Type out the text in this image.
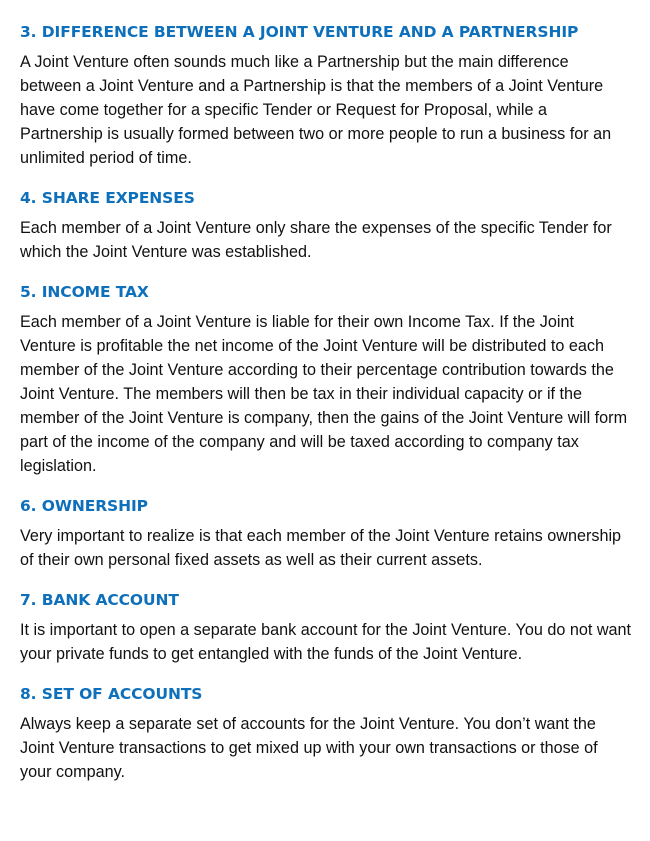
3. DIFFERENCE BETWEEN A JOINT VENTURE AND A PARTNERSHIP

A Joint Venture often sounds much like a Partnership but the main difference between a Joint Venture and a Partnership is that the members of a Joint Venture have come together for a specific Tender or Request for Proposal, while a Partnership is usually formed between two or more people to run a business for an unlimited period of time.

4. SHARE EXPENSES

Each member of a Joint Venture only share the expenses of the specific Tender for which the Joint Venture was established.

5. INCOME TAX

Each member of a Joint Venture is liable for their own Income Tax. If the Joint Venture is profitable the net income of the Joint Venture will be distributed to each member of the Joint Venture according to their percentage contribution towards the Joint Venture. The members will then be tax in their individual capacity or if the member of the Joint Venture is company, then the gains of the Joint Venture will form part of the income of the company and will be taxed according to company tax legislation.

6. OWNERSHIP

Very important to realize is that each member of the Joint Venture retains ownership of their own personal fixed assets as well as their current assets.

7. BANK ACCOUNT

It is important to open a separate bank account for the Joint Venture. You do not want your private funds to get entangled with the funds of the Joint Venture.

8. SET OF ACCOUNTS

Always keep a separate set of accounts for the Joint Venture. You don’t want the Joint Venture transactions to get mixed up with your own transactions or those of your company.
